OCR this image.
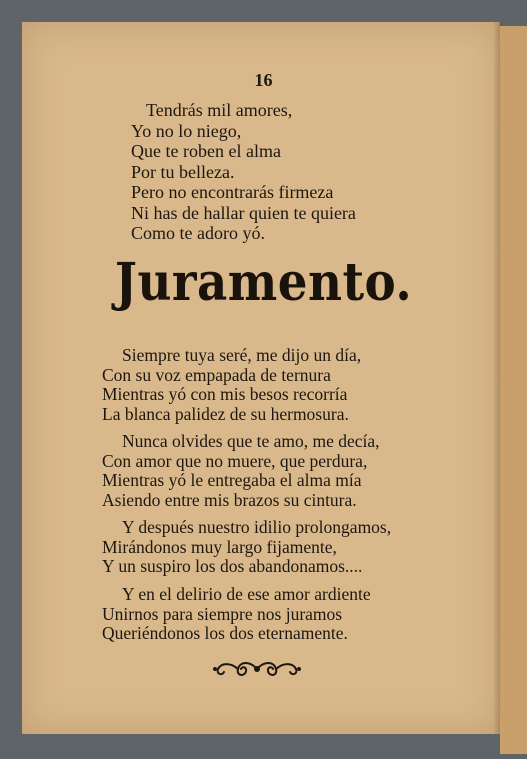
16
Tendrás mil amores,
Yo no lo niego,
Que te roben el alma
Por tu belleza.
Pero no encontrarás firmeza
Ni has de hallar quien te quiera
Como te adoro yó.
Juramento.
Siempre tuya seré, me dijo un día,
Con su voz empapada de ternura
Mientras yó con mis besos recorría
La blanca palidez de su hermosura.
Nunca olvides que te amo, me decía,
Con amor que no muere, que perdura,
Mientras yó le entregaba el alma mía
Asiendo entre mis brazos su cintura.
Y después nuestro idilio prolongamos,
Mirándonos muy largo fijamente,
Y un suspiro los dos abandonamos....
Y en el delirio de ese amor ardiente
Unirnos para siempre nos juramos
Queriéndonos los dos eternamente.
